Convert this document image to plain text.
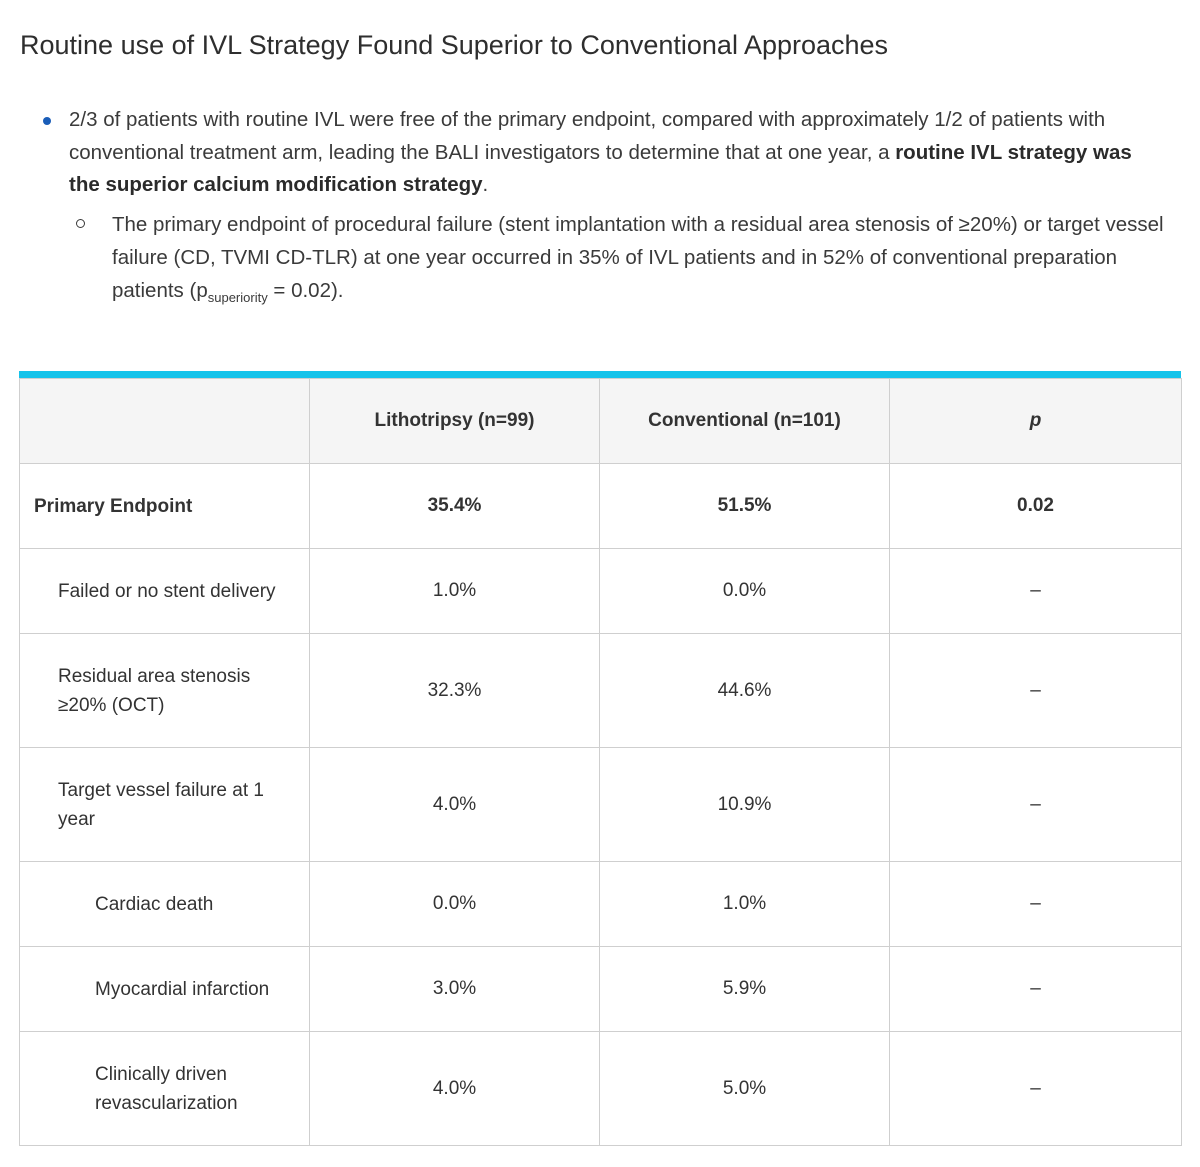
Routine use of IVL Strategy Found Superior to Conventional Approaches
2/3 of patients with routine IVL were free of the primary endpoint, compared with approximately 1/2 of patients with conventional treatment arm, leading the BALI investigators to determine that at one year, a routine IVL strategy was the superior calcium modification strategy.
The primary endpoint of procedural failure (stent implantation with a residual area stenosis of ≥20%) or target vessel failure (CD, TVMI CD-TLR) at one year occurred in 35% of IVL patients and in 52% of conventional preparation patients $(p_{superiority} = 0.02)$.
	Lithotripsy (n=99)	Conventional (n=101)	p
Primary Endpoint	35.4%	51.5%	0.02
Failed or no stent delivery	1.0%	0.0%	–
Residual area stenosis ≥20% (OCT)	32.3%	44.6%	–
Target vessel failure at 1 year	4.0%	10.9%	–
Cardiac death	0.0%	1.0%	–
Myocardial infarction	3.0%	5.9%	–
Clinically driven revascularization	4.0%	5.0%	–
